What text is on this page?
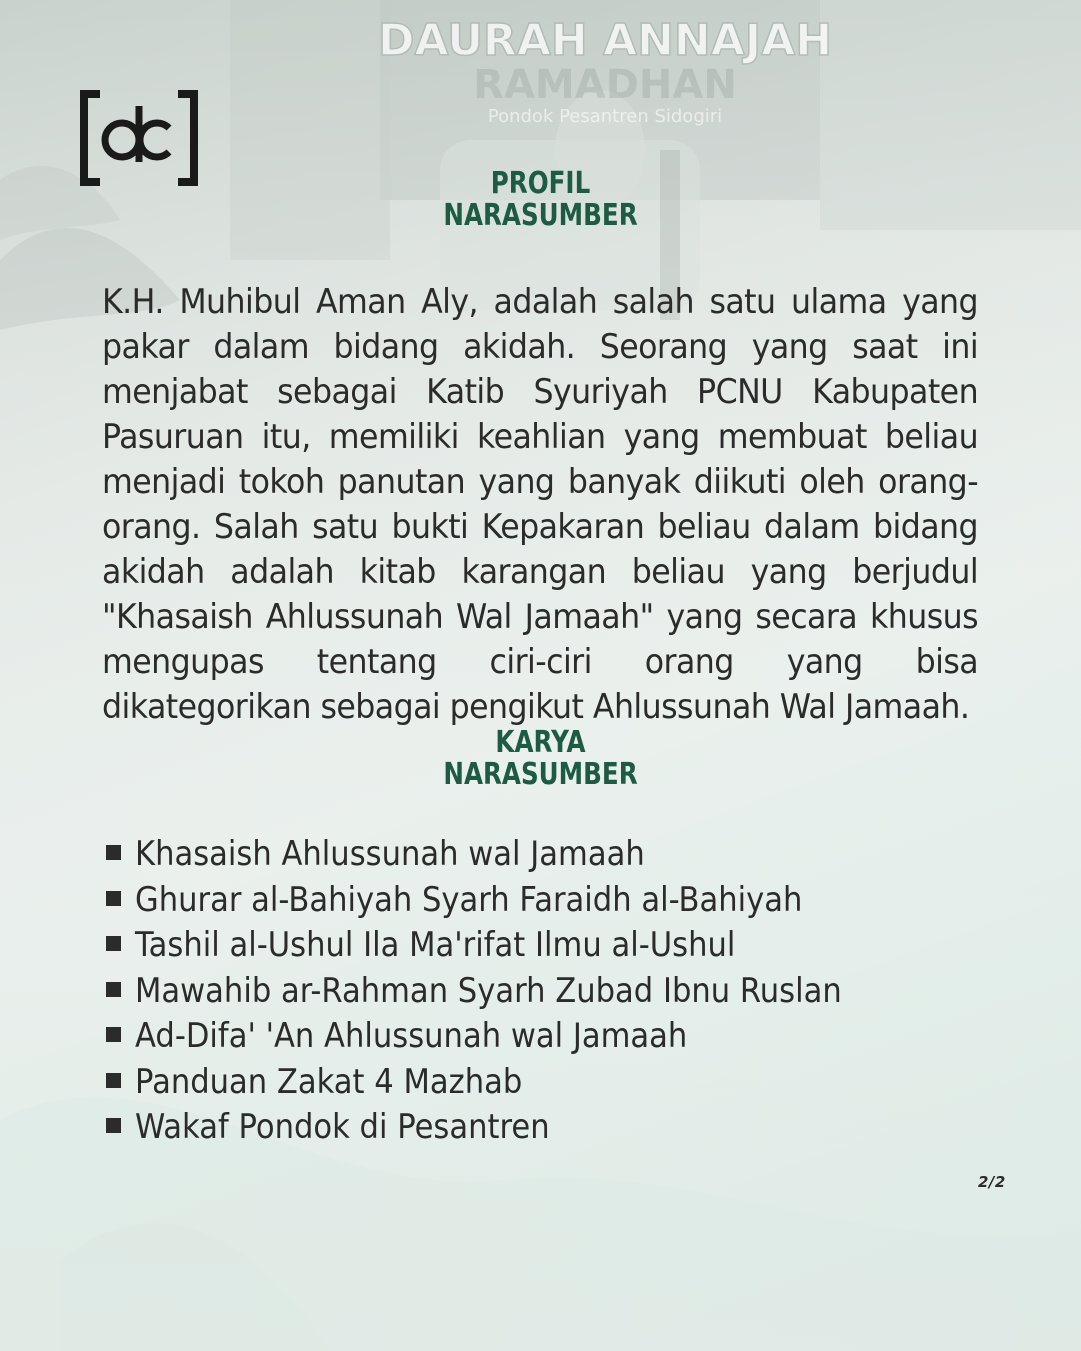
PROFIL
NARASUMBER
K.H. Muhibul Aman Aly, adalah salah satu ulama yang pakar dalam bidang akidah. Seorang yang saat ini menjabat sebagai Katib Syuriyah PCNU Kabupaten Pasuruan itu, memiliki keahlian yang membuat beliau menjadi tokoh panutan yang banyak diikuti oleh orang-orang. Salah satu bukti Kepakaran beliau dalam bidang akidah adalah kitab karangan beliau yang berjudul "Khasaish Ahlussunah Wal Jamaah" yang secara khusus mengupas tentang ciri-ciri orang yang bisa dikategorikan sebagai pengikut Ahlussunah Wal Jamaah.
KARYA
NARASUMBER
Khasaish Ahlussunah wal Jamaah
Ghurar al-Bahiyah Syarh Faraidh al-Bahiyah
Tashil al-Ushul Ila Ma'rifat Ilmu al-Ushul
Mawahib ar-Rahman Syarh Zubad Ibnu Ruslan
Ad-Difa' 'An Ahlussunah wal Jamaah
Panduan Zakat 4 Mazhab
Wakaf Pondok di Pesantren
2/2
